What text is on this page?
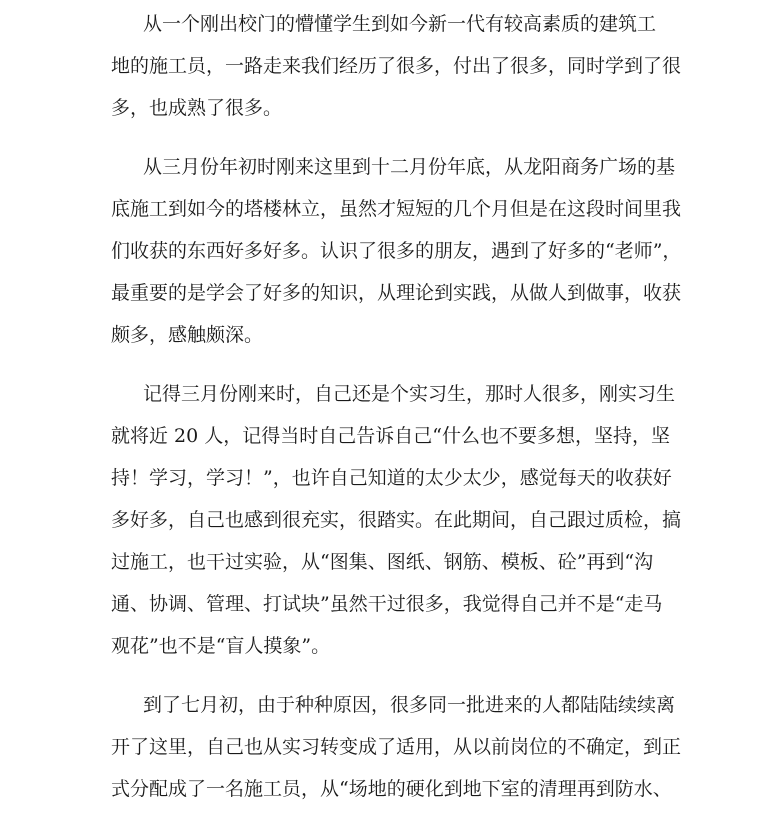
从一个刚出校门的懵懂学生到如今新一代有较高素质的建筑工
地的施工员，一路走来我们经历了很多，付出了很多，同时学到了很
多，也成熟了很多。
从三月份年初时刚来这里到十二月份年底，从龙阳商务广场的基
底施工到如今的塔楼林立，虽然才短短的几个月但是在这段时间里我
们收获的东西好多好多。认识了很多的朋友，遇到了好多的“老师”，
最重要的是学会了好多的知识，从理论到实践，从做人到做事，收获
颇多，感触颇深。
记得三月份刚来时，自己还是个实习生，那时人很多，刚实习生
就将近 20 人，记得当时自己告诉自己“什么也不要多想，坚持，坚
持！学习，学习！”，也许自己知道的太少太少，感觉每天的收获好
多好多，自己也感到很充实，很踏实。在此期间，自己跟过质检，搞
过施工，也干过实验，从“图集、图纸、钢筋、模板、砼”再到“沟
通、协调、管理、打试块”虽然干过很多，我觉得自己并不是“走马
观花”也不是“盲人摸象”。
到了七月初，由于种种原因，很多同一批进来的人都陆陆续续离
开了这里，自己也从实习转变成了适用，从以前岗位的不确定，到正
式分配成了一名施工员，从“场地的硬化到地下室的清理再到防水、
